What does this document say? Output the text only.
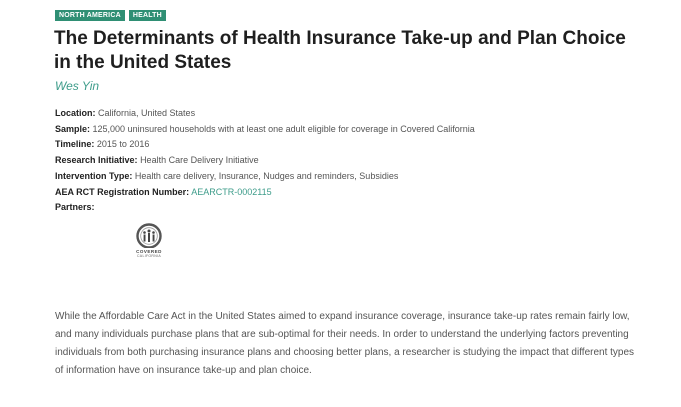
NORTH AMERICA	HEALTH
The Determinants of Health Insurance Take-up and Plan Choice in the United States
Wes Yin
Location: California, United States
Sample: 125,000 uninsured households with at least one adult eligible for coverage in Covered California
Timeline: 2015 to 2016
Research Initiative: Health Care Delivery Initiative
Intervention Type: Health care delivery, Insurance, Nudges and reminders, Subsidies
AEA RCT Registration Number: AEARCTR-0002115
Partners:
COVERED
CALIFORNIA

While the Affordable Care Act in the United States aimed to expand insurance coverage, insurance take-up rates remain fairly low, and many individuals purchase plans that are sub-optimal for their needs. In order to understand the underlying factors preventing individuals from both purchasing insurance plans and choosing better plans, a researcher is studying the impact that different types of information have on insurance take-up and plan choice.
